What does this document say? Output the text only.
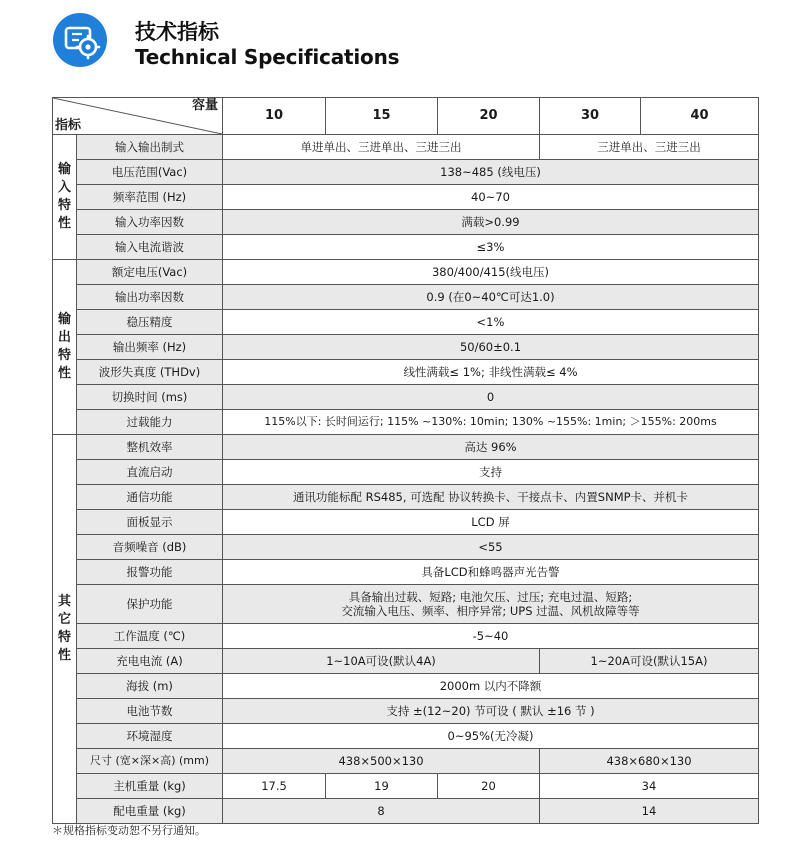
技术指标
Technical Specifications
容量
指标		10	15	20	30	40

输入特性	输入输出制式	单进单出、三进单出、三进三出			三进单出、三进三出	
	电压范围(Vac)	138~485 (线电压)				
	频率范围 (Hz)	40~70				
	输入功率因数	满载>0.99				
	输入电流谐波	≤3%				

输出特性	额定电压(Vac)	380/400/415(线电压)				
	输出功率因数	0.9 (在0~40℃可达1.0)				
	稳压精度	<1%				
	输出频率 (Hz)	50/60±0.1				
	波形失真度 (THDv)	线性满载≤ 1%; 非线性满载≤ 4%				
	切换时间 (ms)	0				
	过载能力	115%以下: 长时间运行; 115% ~130%: 10min; 130% ~155%: 1min; ＞155%: 200ms				

其它特性	整机效率	高达 96%				
	直流启动	支持				
	通信功能	通讯功能标配 RS485, 可选配 协议转换卡、干接点卡、内置SNMP卡、并机卡				
	面板显示	LCD 屏				
	音频噪音 (dB)	<55				
	报警功能	具备LCD和蜂鸣器声光告警				
	保护功能	具备输出过载、短路; 电池欠压、过压; 充电过温、短路;
交流输入电压、频率、相序异常; UPS 过温、风机故障等等				

	工作温度 (℃)	-5~40				
	充电电流 (A)	1~10A可设(默认4A)			1~20A可设(默认15A)	
	海拔 (m)	2000m 以内不降额				
	电池节数	支持 ±(12~20) 节可设 ( 默认 ±16 节 )				
	环境湿度	0~95%(无冷凝)				
	尺寸 (宽×深×高) (mm)	438×500×130			438×680×130	
	主机重量 (kg)	17.5	19	20	34	
	配电重量 (kg)	8			14	
＊规格指标变动恕不另行通知。
